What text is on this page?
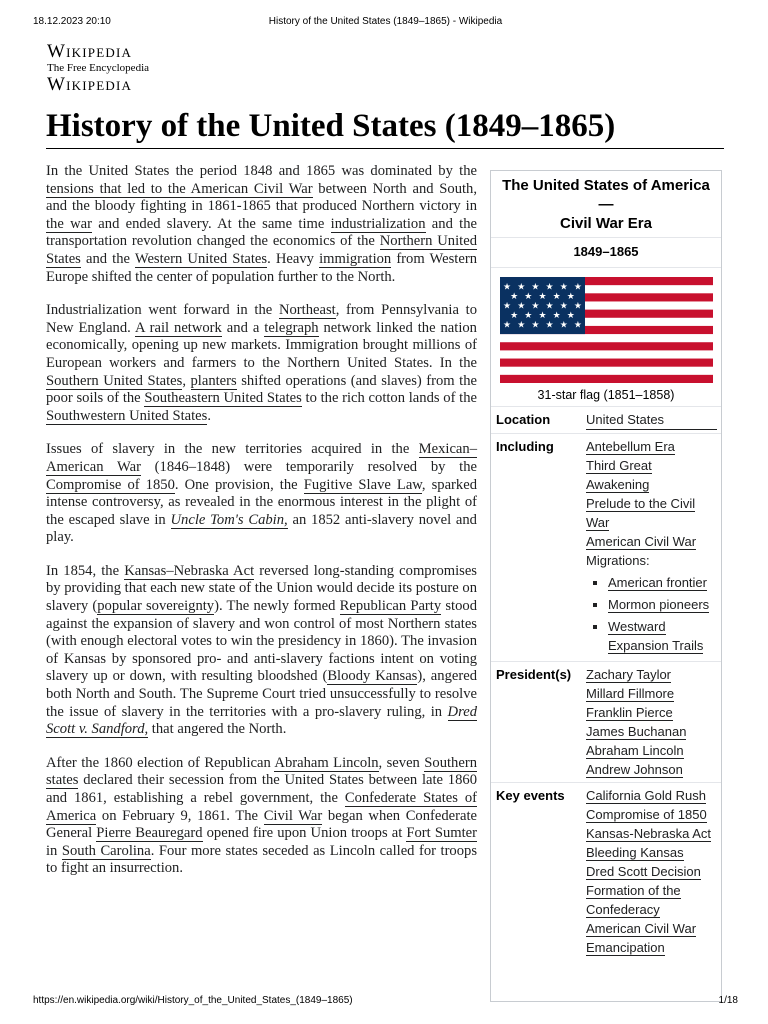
18.12.2023 20:10	History of the United States (1849–1865) - Wikipedia
Wikipedia
The Free Encyclopedia
Wikipedia
History of the United States (1849–1865)

In the United States the period 1848 and 1865 was dominated by the tensions that led to the American Civil War between North and South, and the bloody fighting in 1861-1865 that produced Northern victory in the war and ended slavery. At the same time industrialization and the transportation revolution changed the economics of the Northern United States and the Western United States. Heavy immigration from Western Europe shifted the center of population further to the North.

Industrialization went forward in the Northeast, from Pennsylvania to New England. A rail network and a telegraph network linked the nation economically, opening up new markets. Immigration brought millions of European workers and farmers to the Northern United States. In the Southern United States, planters shifted operations (and slaves) from the poor soils of the Southeastern United States to the rich cotton lands of the Southwestern United States.

Issues of slavery in the new territories acquired in the Mexican–American War (1846–1848) were temporarily resolved by the Compromise of 1850. One provision, the Fugitive Slave Law, sparked intense controversy, as revealed in the enormous interest in the plight of the escaped slave in Uncle Tom's Cabin, an 1852 anti-slavery novel and play.

In 1854, the Kansas–Nebraska Act reversed long-standing compromises by providing that each new state of the Union would decide its posture on slavery (popular sovereignty). The newly formed Republican Party stood against the expansion of slavery and won control of most Northern states (with enough electoral votes to win the presidency in 1860). The invasion of Kansas by sponsored pro- and anti-slavery factions intent on voting slavery up or down, with resulting bloodshed (Bloody Kansas), angered both North and South. The Supreme Court tried unsuccessfully to resolve the issue of slavery in the territories with a pro-slavery ruling, in Dred Scott v. Sandford, that angered the North.

After the 1860 election of Republican Abraham Lincoln, seven Southern states declared their secession from the United States between late 1860 and 1861, establishing a rebel government, the Confederate States of America on February 9, 1861. The Civil War began when Confederate General Pierre Beauregard opened fire upon Union troops at Fort Sumter in South Carolina. Four more states seceded as Lincoln called for troops to fight an insurrection.

The United States of America
—
Civil War Era
1849–1865
★ ★ ★ ★ ★ ★
★ ★ ★ ★ ★
★ ★ ★ ★ ★ ★
★ ★ ★ ★ ★
★ ★ ★ ★ ★ ★
31-star flag (1851–1858)
Location	United States
Including	Antebellum Era
Third Great Awakening
Prelude to the Civil War
American Civil War
Migrations:
▪ American frontier
▪ Mormon pioneers
▪ Westward Expansion Trails
President(s)	Zachary Taylor
Millard Fillmore
Franklin Pierce
James Buchanan
Abraham Lincoln
Andrew Johnson
Key events	California Gold Rush
Compromise of 1850
Kansas-Nebraska Act
Bleeding Kansas
Dred Scott Decision
Formation of the Confederacy
American Civil War
Emancipation
https://en.wikipedia.org/wiki/History_of_the_United_States_(1849–1865)	1/18
